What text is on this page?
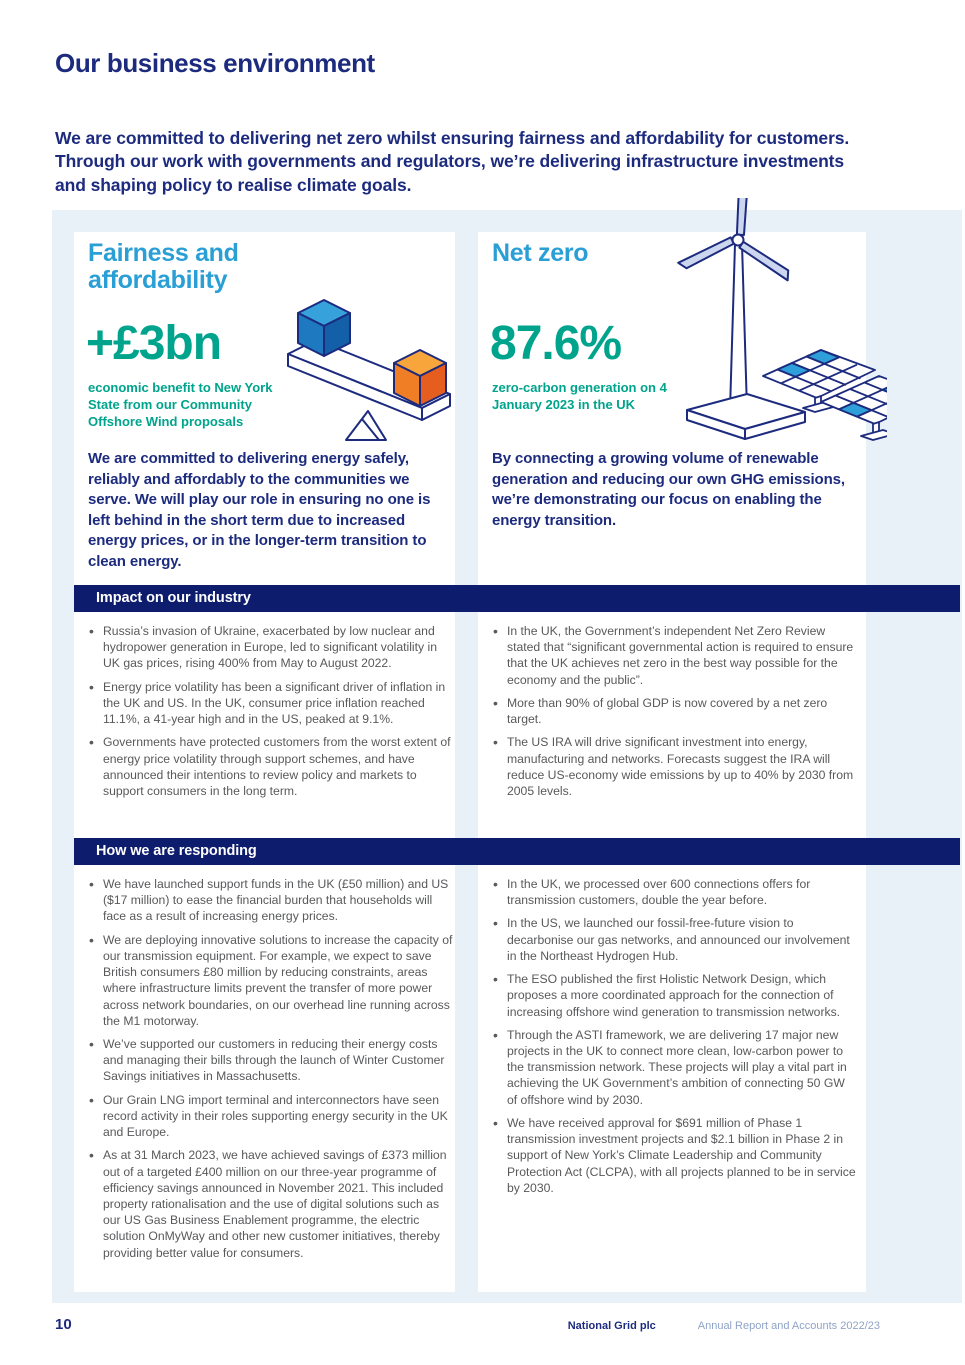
Our business environment
We are committed to delivering net zero whilst ensuring fairness and affordability for customers. Through our work with governments and regulators, we’re delivering infrastructure investments and shaping policy to realise climate goals.
Fairness and affordability
+£3bn
economic benefit to New York State from our Community Offshore Wind proposals
We are committed to delivering energy safely, reliably and affordably to the communities we serve. We will play our role in ensuring no one is left behind in the short term due to increased energy prices, or in the longer-term transition to clean energy.
Net zero
87.6%
zero-carbon generation on 4 January 2023 in the UK
By connecting a growing volume of renewable generation and reducing our own GHG emissions, we’re demonstrating our focus on enabling the energy transition.
Impact on our industry
• Russia’s invasion of Ukraine, exacerbated by low nuclear and hydropower generation in Europe, led to significant volatility in UK gas prices, rising 400% from May to August 2022.
• Energy price volatility has been a significant driver of inflation in the UK and US. In the UK, consumer price inflation reached 11.1%, a 41-year high and in the US, peaked at 9.1%.
• Governments have protected customers from the worst extent of energy price volatility through support schemes, and have announced their intentions to review policy and markets to support consumers in the long term.
• In the UK, the Government’s independent Net Zero Review stated that “significant governmental action is required to ensure that the UK achieves net zero in the best way possible for the economy and the public”.
• More than 90% of global GDP is now covered by a net zero target.
• The US IRA will drive significant investment into energy, manufacturing and networks. Forecasts suggest the IRA will reduce US-economy wide emissions by up to 40% by 2030 from 2005 levels.
How we are responding
• We have launched support funds in the UK (£50 million) and US ($17 million) to ease the financial burden that households will face as a result of increasing energy prices.
• We are deploying innovative solutions to increase the capacity of our transmission equipment. For example, we expect to save British consumers £80 million by reducing constraints, areas where infrastructure limits prevent the transfer of more power across network boundaries, on our overhead line running across the M1 motorway.
• We’ve supported our customers in reducing their energy costs and managing their bills through the launch of Winter Customer Savings initiatives in Massachusetts.
• Our Grain LNG import terminal and interconnectors have seen record activity in their roles supporting energy security in the UK and Europe.
• As at 31 March 2023, we have achieved savings of £373 million out of a targeted £400 million on our three-year programme of efficiency savings announced in November 2021. This included property rationalisation and the use of digital solutions such as our US Gas Business Enablement programme, the electric solution OnMyWay and other new customer initiatives, thereby providing better value for consumers.
• In the UK, we processed over 600 connections offers for transmission customers, double the year before.
• In the US, we launched our fossil-free-future vision to decarbonise our gas networks, and announced our involvement in the Northeast Hydrogen Hub.
• The ESO published the first Holistic Network Design, which proposes a more coordinated approach for the connection of increasing offshore wind generation to transmission networks.
• Through the ASTI framework, we are delivering 17 major new projects in the UK to connect more clean, low-carbon power to the transmission network. These projects will play a vital part in achieving the UK Government’s ambition of connecting 50 GW of offshore wind by 2030.
• We have received approval for $691 million of Phase 1 transmission investment projects and $2.1 billion in Phase 2 in support of New York’s Climate Leadership and Community Protection Act (CLCPA), with all projects planned to be in service by 2030.
10	National Grid plc	Annual Report and Accounts 2022/23
